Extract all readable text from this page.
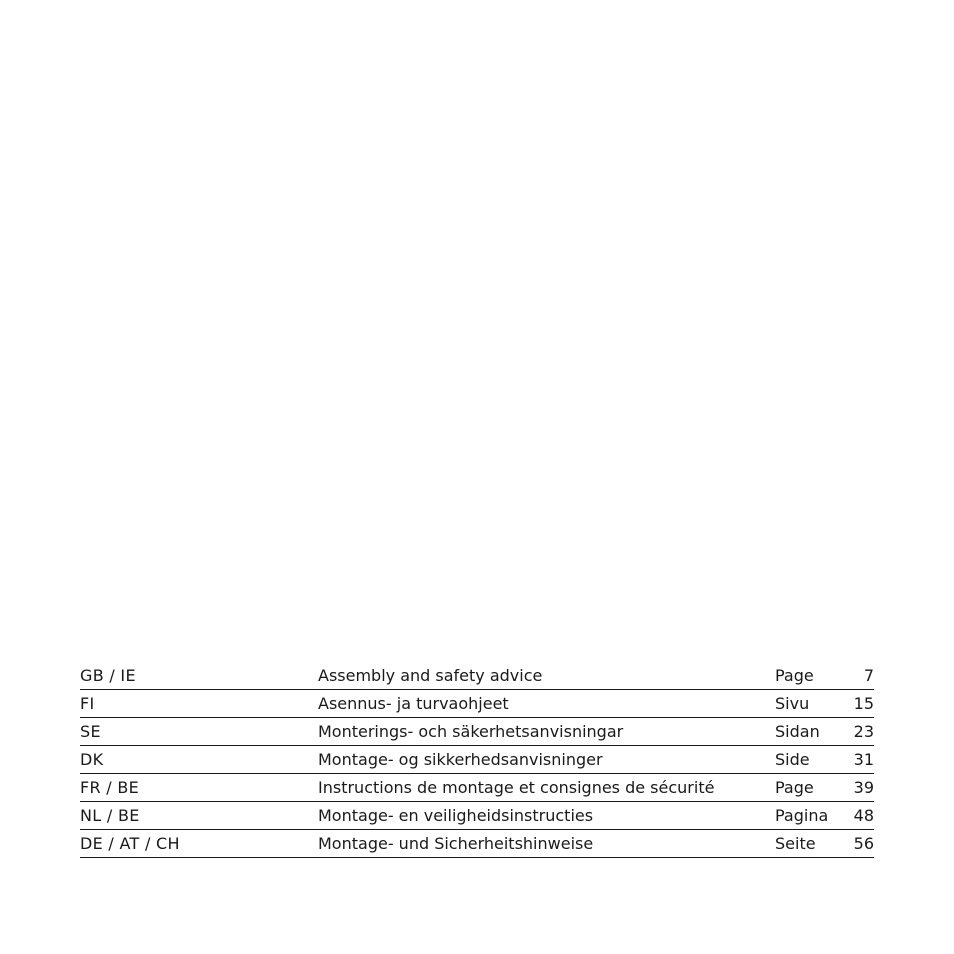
GB / IE	Assembly and safety advice	Page	7
FI	Asennus- ja turvaohjeet	Sivu	15
SE	Monterings- och säkerhetsanvisningar	Sidan 23
DK	Montage- og sikkerhedsanvisninger	Side	31
FR / BE	Instructions de montage et consignes de sécurité	Page 39
NL / BE	Montage- en veiligheidsinstructies	Pagina 48
DE / AT / CH	Montage- und Sicherheitshinweise	Seite 56
